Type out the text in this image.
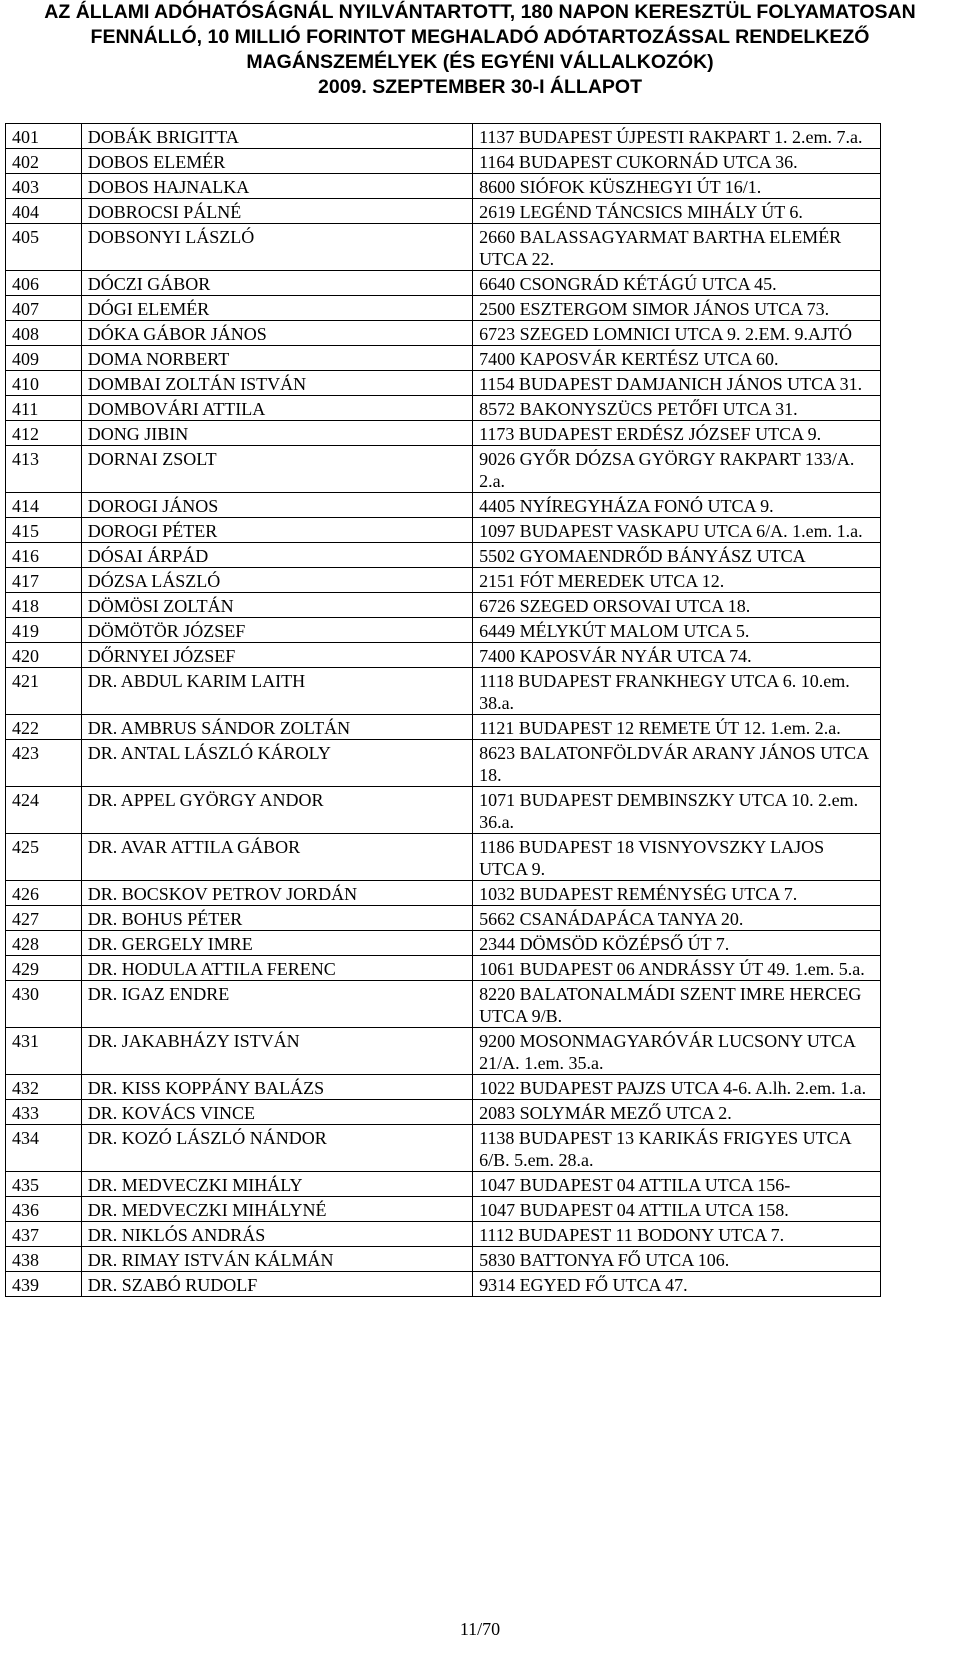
AZ ÁLLAMI ADÓHATÓSÁGNÁL NYILVÁNTARTOTT, 180 NAPON KERESZTÜL FOLYAMATOSAN
FENNÁLLÓ, 10 MILLIÓ FORINTOT MEGHALADÓ ADÓTARTOZÁSSAL RENDELKEZŐ
MAGÁNSZEMÉLYEK (ÉS EGYÉNI VÁLLALKOZÓK)
2009. SZEPTEMBER 30-I ÁLLAPOT
401	DOBÁK BRIGITTA	1137 BUDAPEST ÚJPESTI RAKPART 1. 2.em. 7.a.
402	DOBOS ELEMÉR	1164 BUDAPEST CUKORNÁD UTCA 36.
403	DOBOS HAJNALKA	8600 SIÓFOK KÜSZHEGYI ÚT 16/1.
404	DOBROCSI PÁLNÉ	2619 LEGÉND TÁNCSICS MIHÁLY ÚT 6.
405	DOBSONYI LÁSZLÓ	2660 BALASSAGYARMAT BARTHA ELEMÉR UTCA 22.
406	DÓCZI GÁBOR	6640 CSONGRÁD KÉTÁGÚ UTCA 45.
407	DÓGI ELEMÉR	2500 ESZTERGOM SIMOR JÁNOS UTCA 73.
408	DÓKA GÁBOR JÁNOS	6723 SZEGED LOMNICI UTCA 9. 2.EM. 9.AJTÓ
409	DOMA NORBERT	7400 KAPOSVÁR KERTÉSZ UTCA 60.
410	DOMBAI ZOLTÁN ISTVÁN	1154 BUDAPEST DAMJANICH JÁNOS UTCA 31.
411	DOMBOVÁRI ATTILA	8572 BAKONYSZÜCS PETŐFI UTCA 31.
412	DONG JIBIN	1173 BUDAPEST ERDÉSZ JÓZSEF UTCA 9.
413	DORNAI ZSOLT	9026 GYŐR DÓZSA GYÖRGY RAKPART 133/A. 2.a.
414	DOROGI JÁNOS	4405 NYÍREGYHÁZA FONÓ UTCA 9.
415	DOROGI PÉTER	1097 BUDAPEST VASKAPU UTCA 6/A. 1.em. 1.a.
416	DÓSAI ÁRPÁD	5502 GYOMAENDRŐD BÁNYÁSZ UTCA
417	DÓZSA LÁSZLÓ	2151 FÓT MEREDEK UTCA 12.
418	DÖMÖSI ZOLTÁN	6726 SZEGED ORSOVAI UTCA 18.
419	DÖMÖTÖR JÓZSEF	6449 MÉLYKÚT MALOM UTCA 5.
420	DŐRNYEI JÓZSEF	7400 KAPOSVÁR NYÁR UTCA 74.
421	DR. ABDUL KARIM LAITH	1118 BUDAPEST FRANKHEGY UTCA 6. 10.em. 38.a.
422	DR. AMBRUS SÁNDOR ZOLTÁN	1121 BUDAPEST 12 REMETE ÚT 12. 1.em. 2.a.
423	DR. ANTAL LÁSZLÓ KÁROLY	8623 BALATONFÖLDVÁR ARANY JÁNOS UTCA 18.
424	DR. APPEL GYÖRGY ANDOR	1071 BUDAPEST DEMBINSZKY UTCA 10. 2.em. 36.a.
425	DR. AVAR ATTILA GÁBOR	1186 BUDAPEST 18 VISNYOVSZKY LAJOS UTCA 9.
426	DR. BOCSKOV PETROV JORDÁN	1032 BUDAPEST REMÉNYSÉG UTCA 7.
427	DR. BOHUS PÉTER	5662 CSANÁDAPÁCA TANYA 20.
428	DR. GERGELY IMRE	2344 DÖMSÖD KÖZÉPSŐ ÚT 7.
429	DR. HODULA ATTILA FERENC	1061 BUDAPEST 06 ANDRÁSSY ÚT 49. 1.em. 5.a.
430	DR. IGAZ ENDRE	8220 BALATONALMÁDI SZENT IMRE HERCEG UTCA 9/B.
431	DR. JAKABHÁZY ISTVÁN	9200 MOSONMAGYARÓVÁR LUCSONY UTCA 21/A. 1.em. 35.a.
432	DR. KISS KOPPÁNY BALÁZS	1022 BUDAPEST PAJZS UTCA 4-6. A.lh. 2.em. 1.a.
433	DR. KOVÁCS VINCE	2083 SOLYMÁR MEZŐ UTCA 2.
434	DR. KOZÓ LÁSZLÓ NÁNDOR	1138 BUDAPEST 13 KARIKÁS FRIGYES UTCA 6/B. 5.em. 28.a.
435	DR. MEDVECZKI MIHÁLY	1047 BUDAPEST 04 ATTILA UTCA 156-
436	DR. MEDVECZKI MIHÁLYNÉ	1047 BUDAPEST 04 ATTILA UTCA 158.
437	DR. NIKLÓS ANDRÁS	1112 BUDAPEST 11 BODONY UTCA 7.
438	DR. RIMAY ISTVÁN KÁLMÁN	5830 BATTONYA FŐ UTCA 106.
439	DR. SZABÓ RUDOLF	9314 EGYED FŐ UTCA 47.
11/70
